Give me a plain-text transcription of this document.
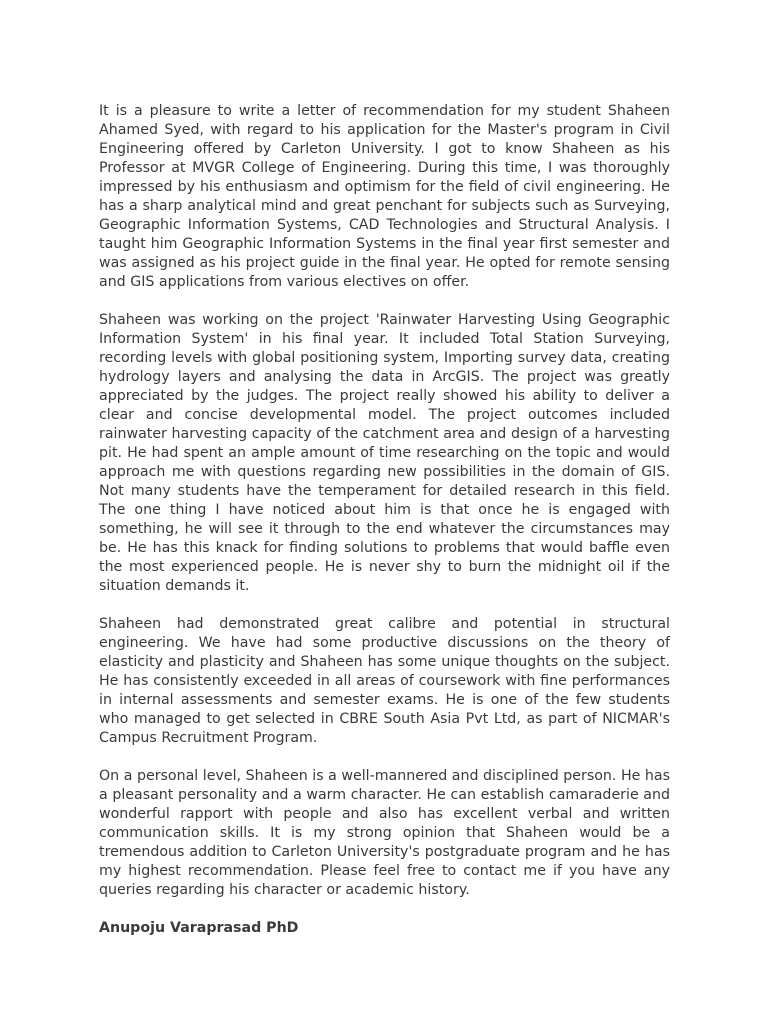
It is a pleasure to write a letter of recommendation for my student Shaheen Ahamed Syed, with regard to his application for the Master's program in Civil Engineering offered by Carleton University. I got to know Shaheen as his Professor at MVGR College of Engineering. During this time, I was thoroughly impressed by his enthusiasm and optimism for the field of civil engineering. He has a sharp analytical mind and great penchant for subjects such as Surveying, Geographic Information Systems, CAD Technologies and Structural Analysis. I taught him Geographic Information Systems in the final year first semester and was assigned as his project guide in the final year. He opted for remote sensing and GIS applications from various electives on offer.

Shaheen was working on the project 'Rainwater Harvesting Using Geographic Information System' in his final year. It included Total Station Surveying, recording levels with global positioning system, Importing survey data, creating hydrology layers and analysing the data in ArcGIS. The project was greatly appreciated by the judges. The project really showed his ability to deliver a clear and concise developmental model. The project outcomes included rainwater harvesting capacity of the catchment area and design of a harvesting pit. He had spent an ample amount of time researching on the topic and would approach me with questions regarding new possibilities in the domain of GIS. Not many students have the temperament for detailed research in this field. The one thing I have noticed about him is that once he is engaged with something, he will see it through to the end whatever the circumstances may be. He has this knack for finding solutions to problems that would baffle even the most experienced people. He is never shy to burn the midnight oil if the situation demands it.

Shaheen had demonstrated great calibre and potential in structural engineering. We have had some productive discussions on the theory of elasticity and plasticity and Shaheen has some unique thoughts on the subject. He has consistently exceeded in all areas of coursework with fine performances in internal assessments and semester exams. He is one of the few students who managed to get selected in CBRE South Asia Pvt Ltd, as part of NICMAR's Campus Recruitment Program.

On a personal level, Shaheen is a well-mannered and disciplined person. He has a pleasant personality and a warm character. He can establish camaraderie and wonderful rapport with people and also has excellent verbal and written communication skills. It is my strong opinion that Shaheen would be a tremendous addition to Carleton University's postgraduate program and he has my highest recommendation. Please feel free to contact me if you have any queries regarding his character or academic history.

Anupoju Varaprasad PhD
